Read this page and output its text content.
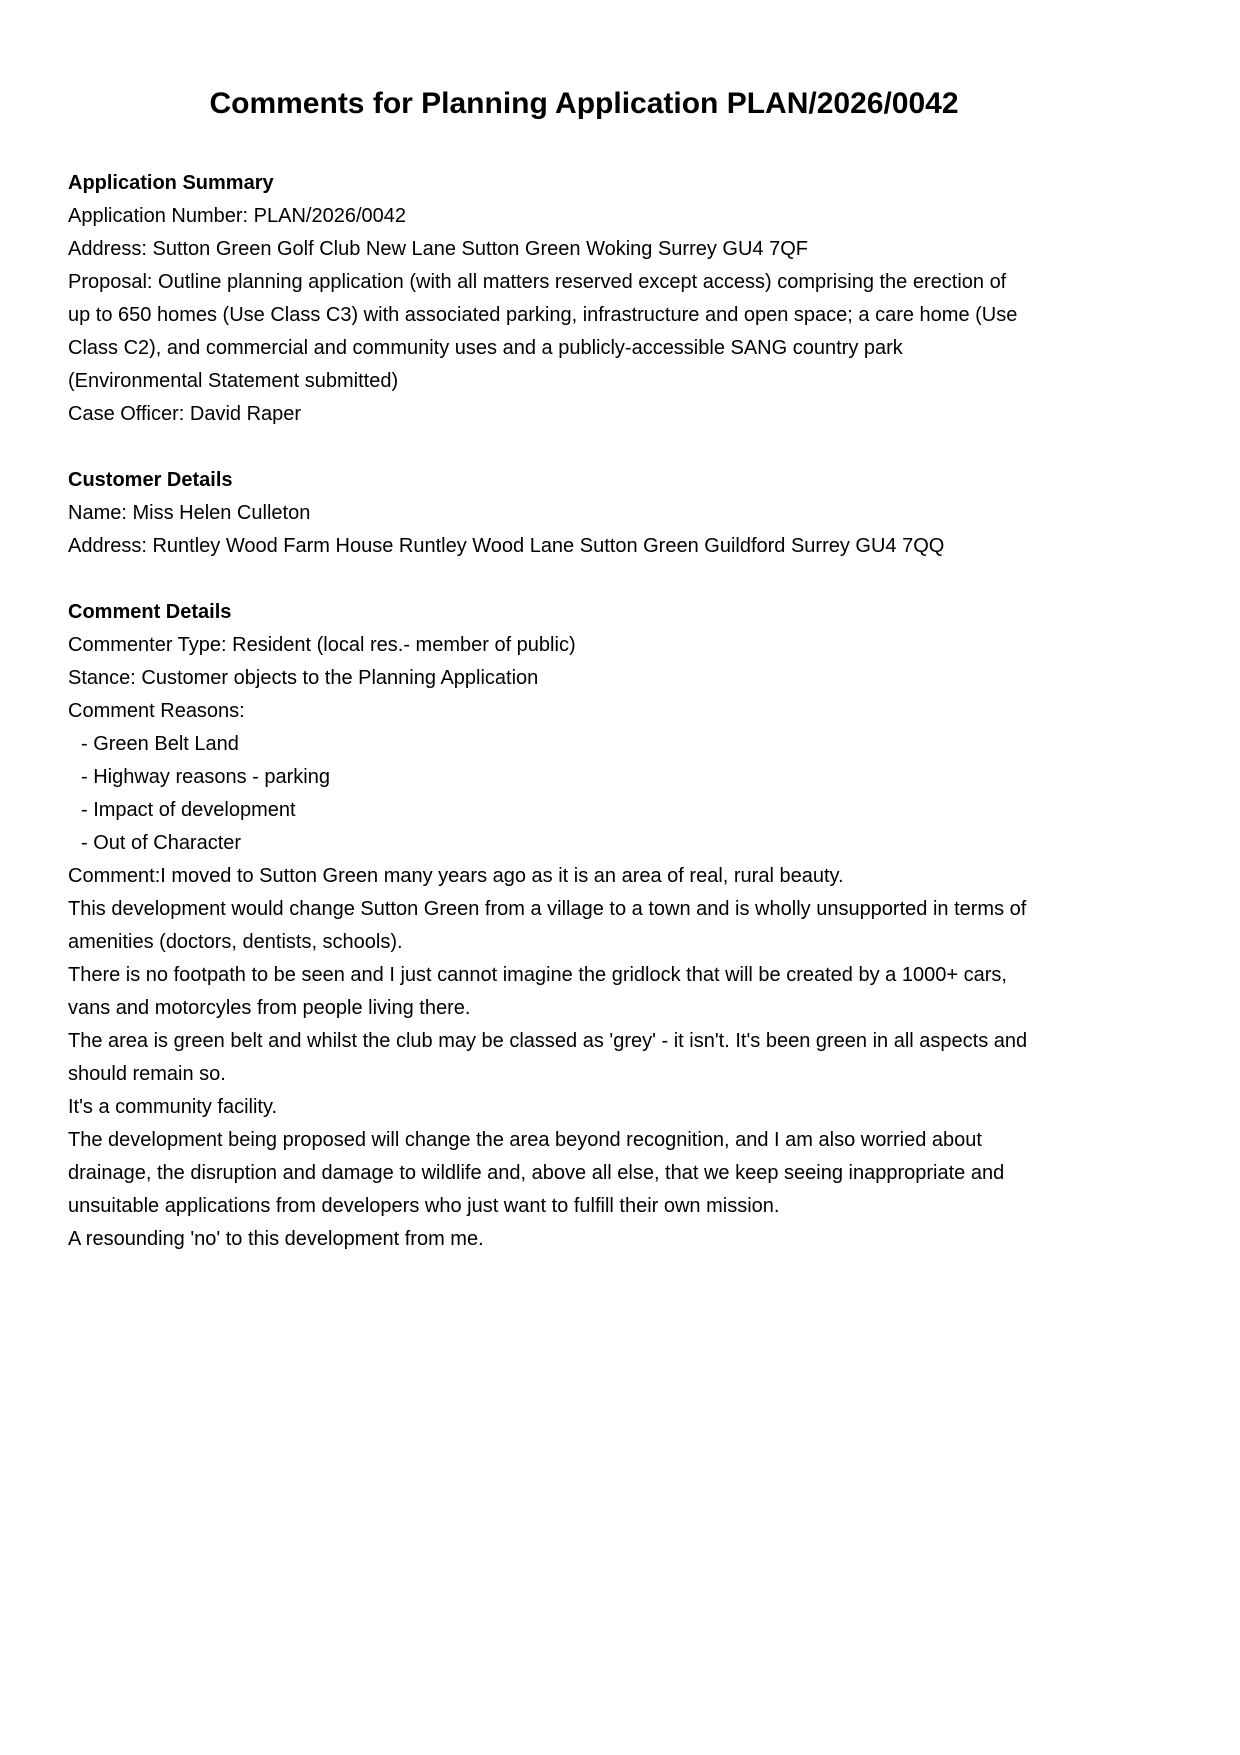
Comments for Planning Application PLAN/2026/0042
Application Summary

Application Number: PLAN/2026/0042

Address: Sutton Green Golf Club New Lane Sutton Green Woking Surrey GU4 7QF

Proposal: Outline planning application (with all matters reserved except access) comprising the erection of up to 650 homes (Use Class C3) with associated parking, infrastructure and open space; a care home (Use Class C2), and commercial and community uses and a publicly-accessible SANG country park (Environmental Statement submitted)

Case Officer: David Raper

Customer Details

Name: Miss Helen Culleton

Address: Runtley Wood Farm House Runtley Wood Lane Sutton Green Guildford Surrey GU4 7QQ

Comment Details

Commenter Type: Resident (local res.- member of public)

Stance: Customer objects to the Planning Application

Comment Reasons:

- Green Belt Land

- Highway reasons - parking

- Impact of development

- Out of Character

Comment:I moved to Sutton Green many years ago as it is an area of real, rural beauty.

This development would change Sutton Green from a village to a town and is wholly unsupported in terms of amenities (doctors, dentists, schools).

There is no footpath to be seen and I just cannot imagine the gridlock that will be created by a 1000+ cars, vans and motorcyles from people living there.

The area is green belt and whilst the club may be classed as 'grey' - it isn't. It's been green in all aspects and should remain so.

It's a community facility.

The development being proposed will change the area beyond recognition, and I am also worried about drainage, the disruption and damage to wildlife and, above all else, that we keep seeing inappropriate and unsuitable applications from developers who just want to fulfill their own mission.

A resounding 'no' to this development from me.
